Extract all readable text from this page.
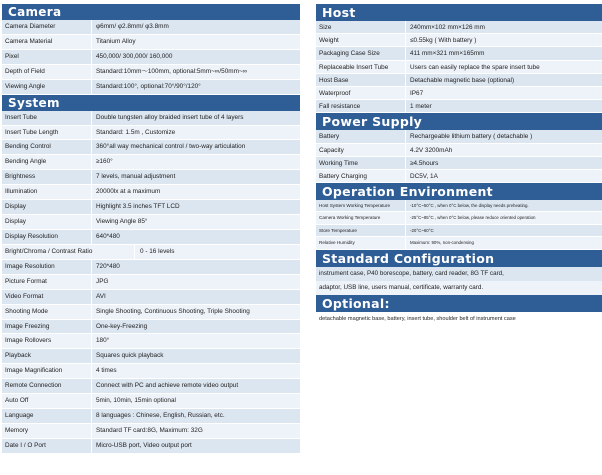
Camera
Camera Diameter	φ6mm/ φ2.8mm/ φ3.8mm
Camera Material	Titanium Alloy
Pixel	450,000/ 300,000/ 160,000
Depth of Field	Standard:10mm～100mm, optional:5mm~∞/50mm~∞
Viewing Angle	Standard:100°, optional:70°/90°/120°
System
Insert Tube	Double tungsten alloy braided insert tube of 4 layers
Insert Tube Length	Standard: 1.5m , Customize
Bending Control	360°all way mechanical control / two-way articulation
Bending Angle	≥160°
Brightness	7 levels, manual adjustment
Illumination	20000lx at a maximum
Display	Highlight 3.5 inches TFT LCD
Display	Viewing Angle 85°
Display Resolution	640*480
Bright/Chroma / Contrast Ratio	0 - 16 levels
Image Resolution	720*480
Picture Format	JPG
Video Format	AVI
Shooting Mode	Single Shooting, Continuous Shooting, Triple Shooting
Image Freezing	One-key-Freezing
Image Rollovers	180°
Playback	Squares quick playback
Image Magnification	4 times
Remote Connection	Connect with PC and achieve remote video output
Auto Off	5min, 10min, 15min optional
Language	8 languages : Chinese, English, Russian, etc.
Memory	Standard TF card:8G, Maximum: 32G
Date I / O Port	Micro-USB port, Video output port
Host
Size	240mm×102 mm×126 mm
Weight	≤0.55kg ( With battery )
Packaging Case Size	411 mm×321 mm×165mm
Replaceable Insert Tube	Users can easily replace the spare insert tube
Host Base	Detachable magnetic base (optional)
Waterproof	IP67
Fall resistance	1 meter
Power Supply
Battery	Rechargeable lithium battery ( detachable )
Capacity	4.2V 3200mAh
Working Time	≥4.5hours
Battery Charging	DC5V, 1A
Operation Environment
Host System Working Temperature	-10°C~50°C , when 0°C below, the display needs preheating.
Camera Working Temperature	-25°C~85°C , when 0°C below, please reduce oriented operation
Store Temperature	-20°C~60°C
Relative Humidity	Maximum: 90%, non-condensing
Standard Configuration
instrument case, P40 borescope, battery, card reader, 8G TF card,
adaptor, USB line, users manual, certificate, warranty card.
Optional:
detachable magnetic base, battery, insert tube, shoulder belt of instrument case
